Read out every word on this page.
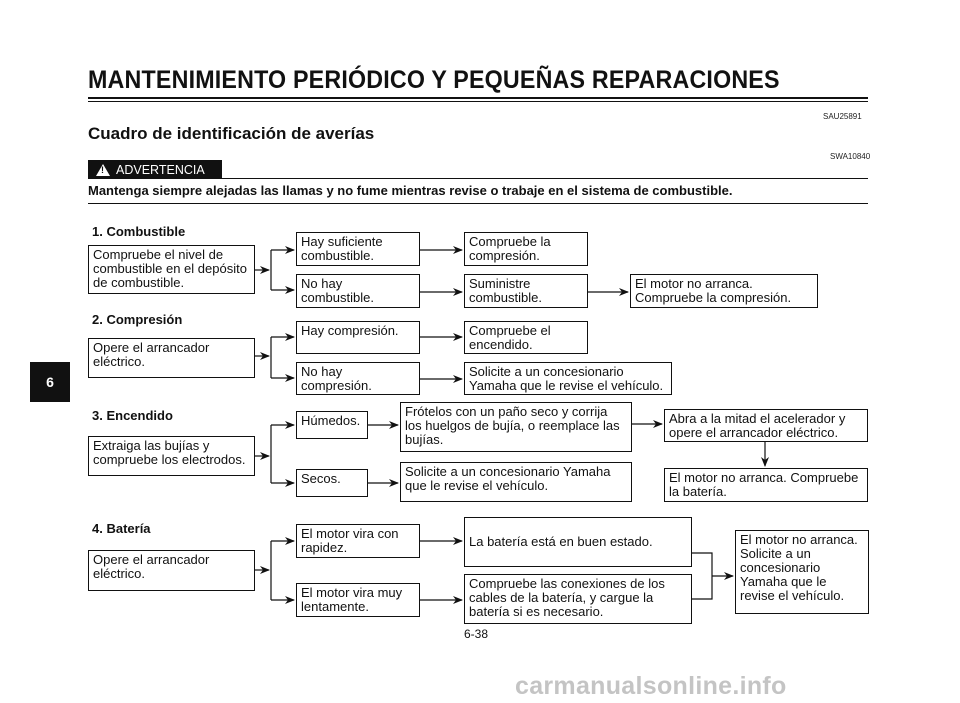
MANTENIMIENTO PERIÓDICO Y PEQUEÑAS REPARACIONES
SAU25891
Cuadro de identificación de averías
SWA10840
! ADVERTENCIA
Mantenga siempre alejadas las llamas y no fume mientras revise o trabaje en el sistema de combustible.
1. Combustible
Compruebe el nivel de
combustible en el depósito
de combustible.
Hay suficiente
combustible.
Compruebe la
compresión.
No hay
combustible.
Suministre
combustible.
El motor no arranca.
Compruebe la compresión.
2. Compresión
Opere el arrancador
eléctrico.
Hay compresión.	Compruebe el
encendido.
No hay
compresión.
Solicite a un concesionario
Yamaha que le revise el vehículo.
3. Encendido
Extraiga las bujías y
compruebe los electrodos.
Húmedos.
Frótelos con un paño seco y corrija
los huelgos de bujía, o reemplace las
bujías.
Abra a la mitad el acelerador y
opere el arrancador eléctrico.
Secos.	Solicite a un concesionario Yamaha
que le revise el vehículo.
El motor no arranca. Compruebe
la batería.
4. Batería
Opere el arrancador
eléctrico.
El motor vira con
rapidez.	La batería está en buen estado.
El motor vira muy
lentamente.
Compruebe las conexiones de los
cables de la batería, y cargue la
batería si es necesario.
El motor no arranca.
Solicite a un
concesionario
Yamaha que le
revise el vehículo.
6
6-38
carmanualsonline.info
